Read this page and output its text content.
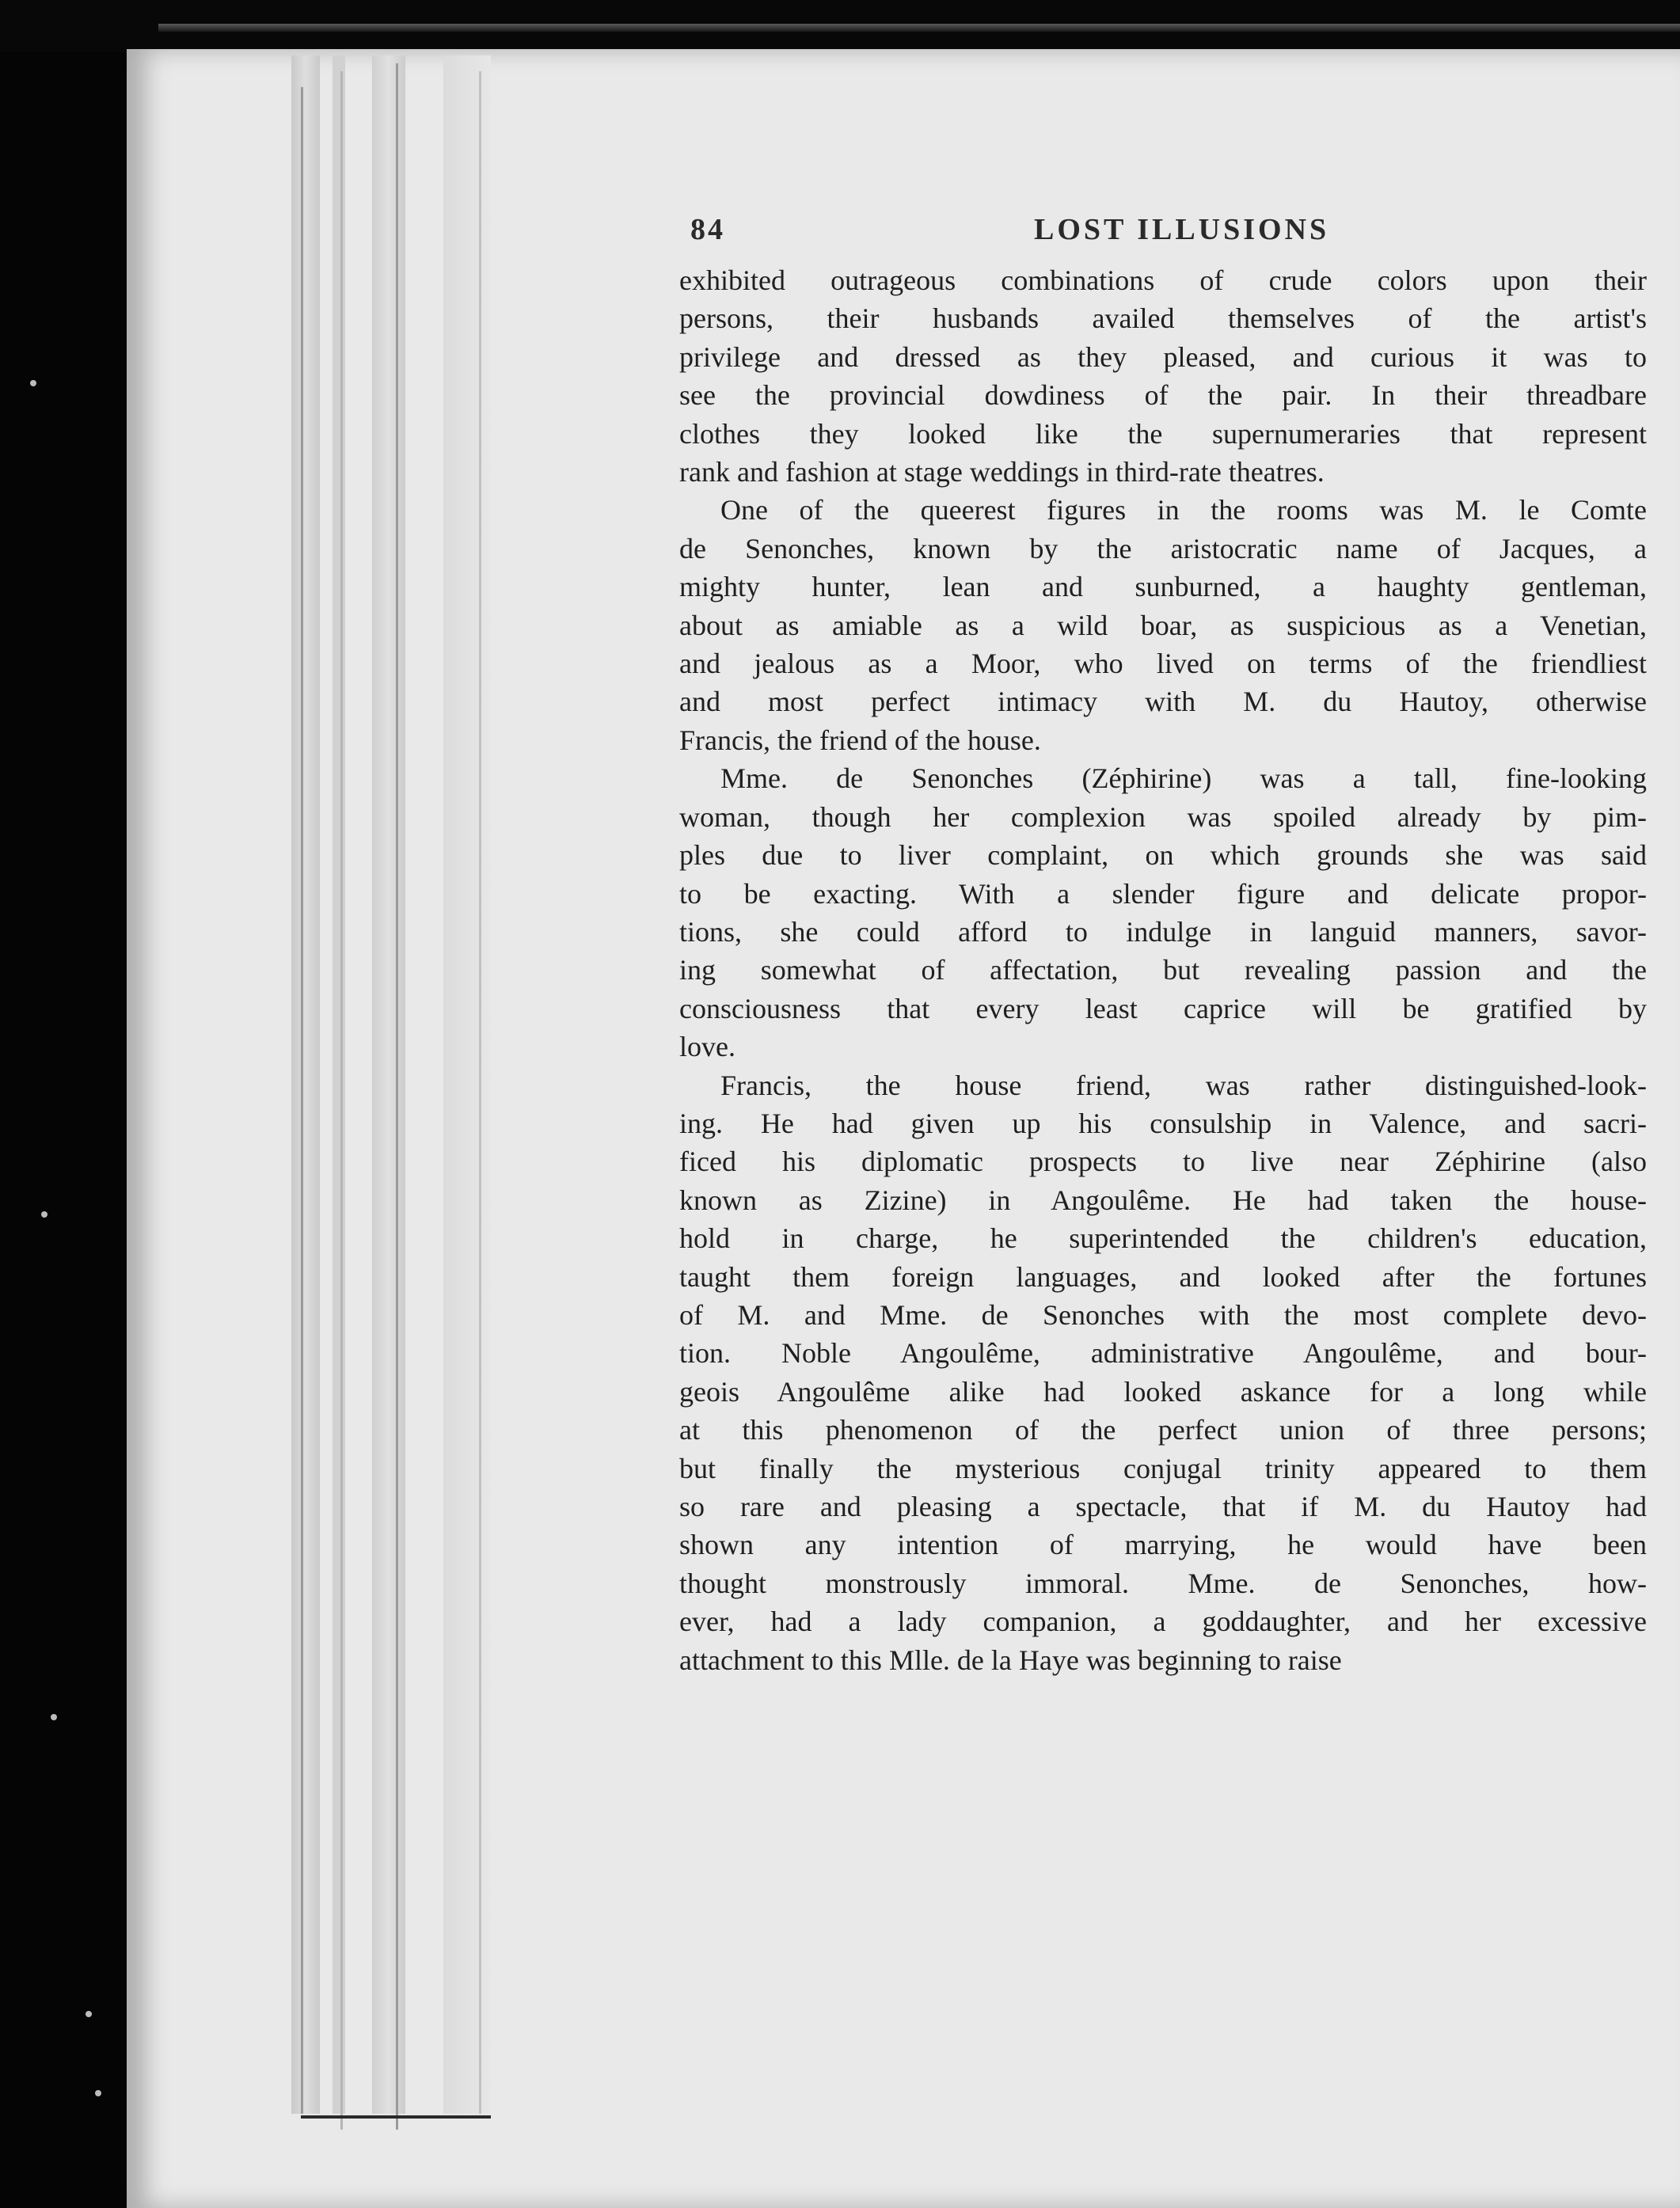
84	LOST ILLUSIONS
exhibited outrageous combinations of crude colors upon their
persons, their husbands availed themselves of the artist's
privilege and dressed as they pleased, and curious it was to
see the provincial dowdiness of the pair. In their threadbare
clothes they looked like the supernumeraries that represent
rank and fashion at stage weddings in third-rate theatres.
One of the queerest figures in the rooms was M. le Comte
de Senonches, known by the aristocratic name of Jacques, a
mighty hunter, lean and sunburned, a haughty gentleman,
about as amiable as a wild boar, as suspicious as a Venetian,
and jealous as a Moor, who lived on terms of the friendliest
and most perfect intimacy with M. du Hautoy, otherwise
Francis, the friend of the house.
Mme. de Senonches (Zéphirine) was a tall, fine-looking
woman, though her complexion was spoiled already by pim-
ples due to liver complaint, on which grounds she was said
to be exacting. With a slender figure and delicate propor-
tions, she could afford to indulge in languid manners, savor-
ing somewhat of affectation, but revealing passion and the
consciousness that every least caprice will be gratified by
love.
Francis, the house friend, was rather distinguished-look-
ing. He had given up his consulship in Valence, and sacri-
ficed his diplomatic prospects to live near Zéphirine (also
known as Zizine) in Angoulême. He had taken the house-
hold in charge, he superintended the children's education,
taught them foreign languages, and looked after the fortunes
of M. and Mme. de Senonches with the most complete devo-
tion. Noble Angoulême, administrative Angoulême, and bour-
geois Angoulême alike had looked askance for a long while
at this phenomenon of the perfect union of three persons;
but finally the mysterious conjugal trinity appeared to them
so rare and pleasing a spectacle, that if M. du Hautoy had
shown any intention of marrying, he would have been
thought monstrously immoral. Mme. de Senonches, how-
ever, had a lady companion, a goddaughter, and her excessive
attachment to this Mlle. de la Haye was beginning to raise
